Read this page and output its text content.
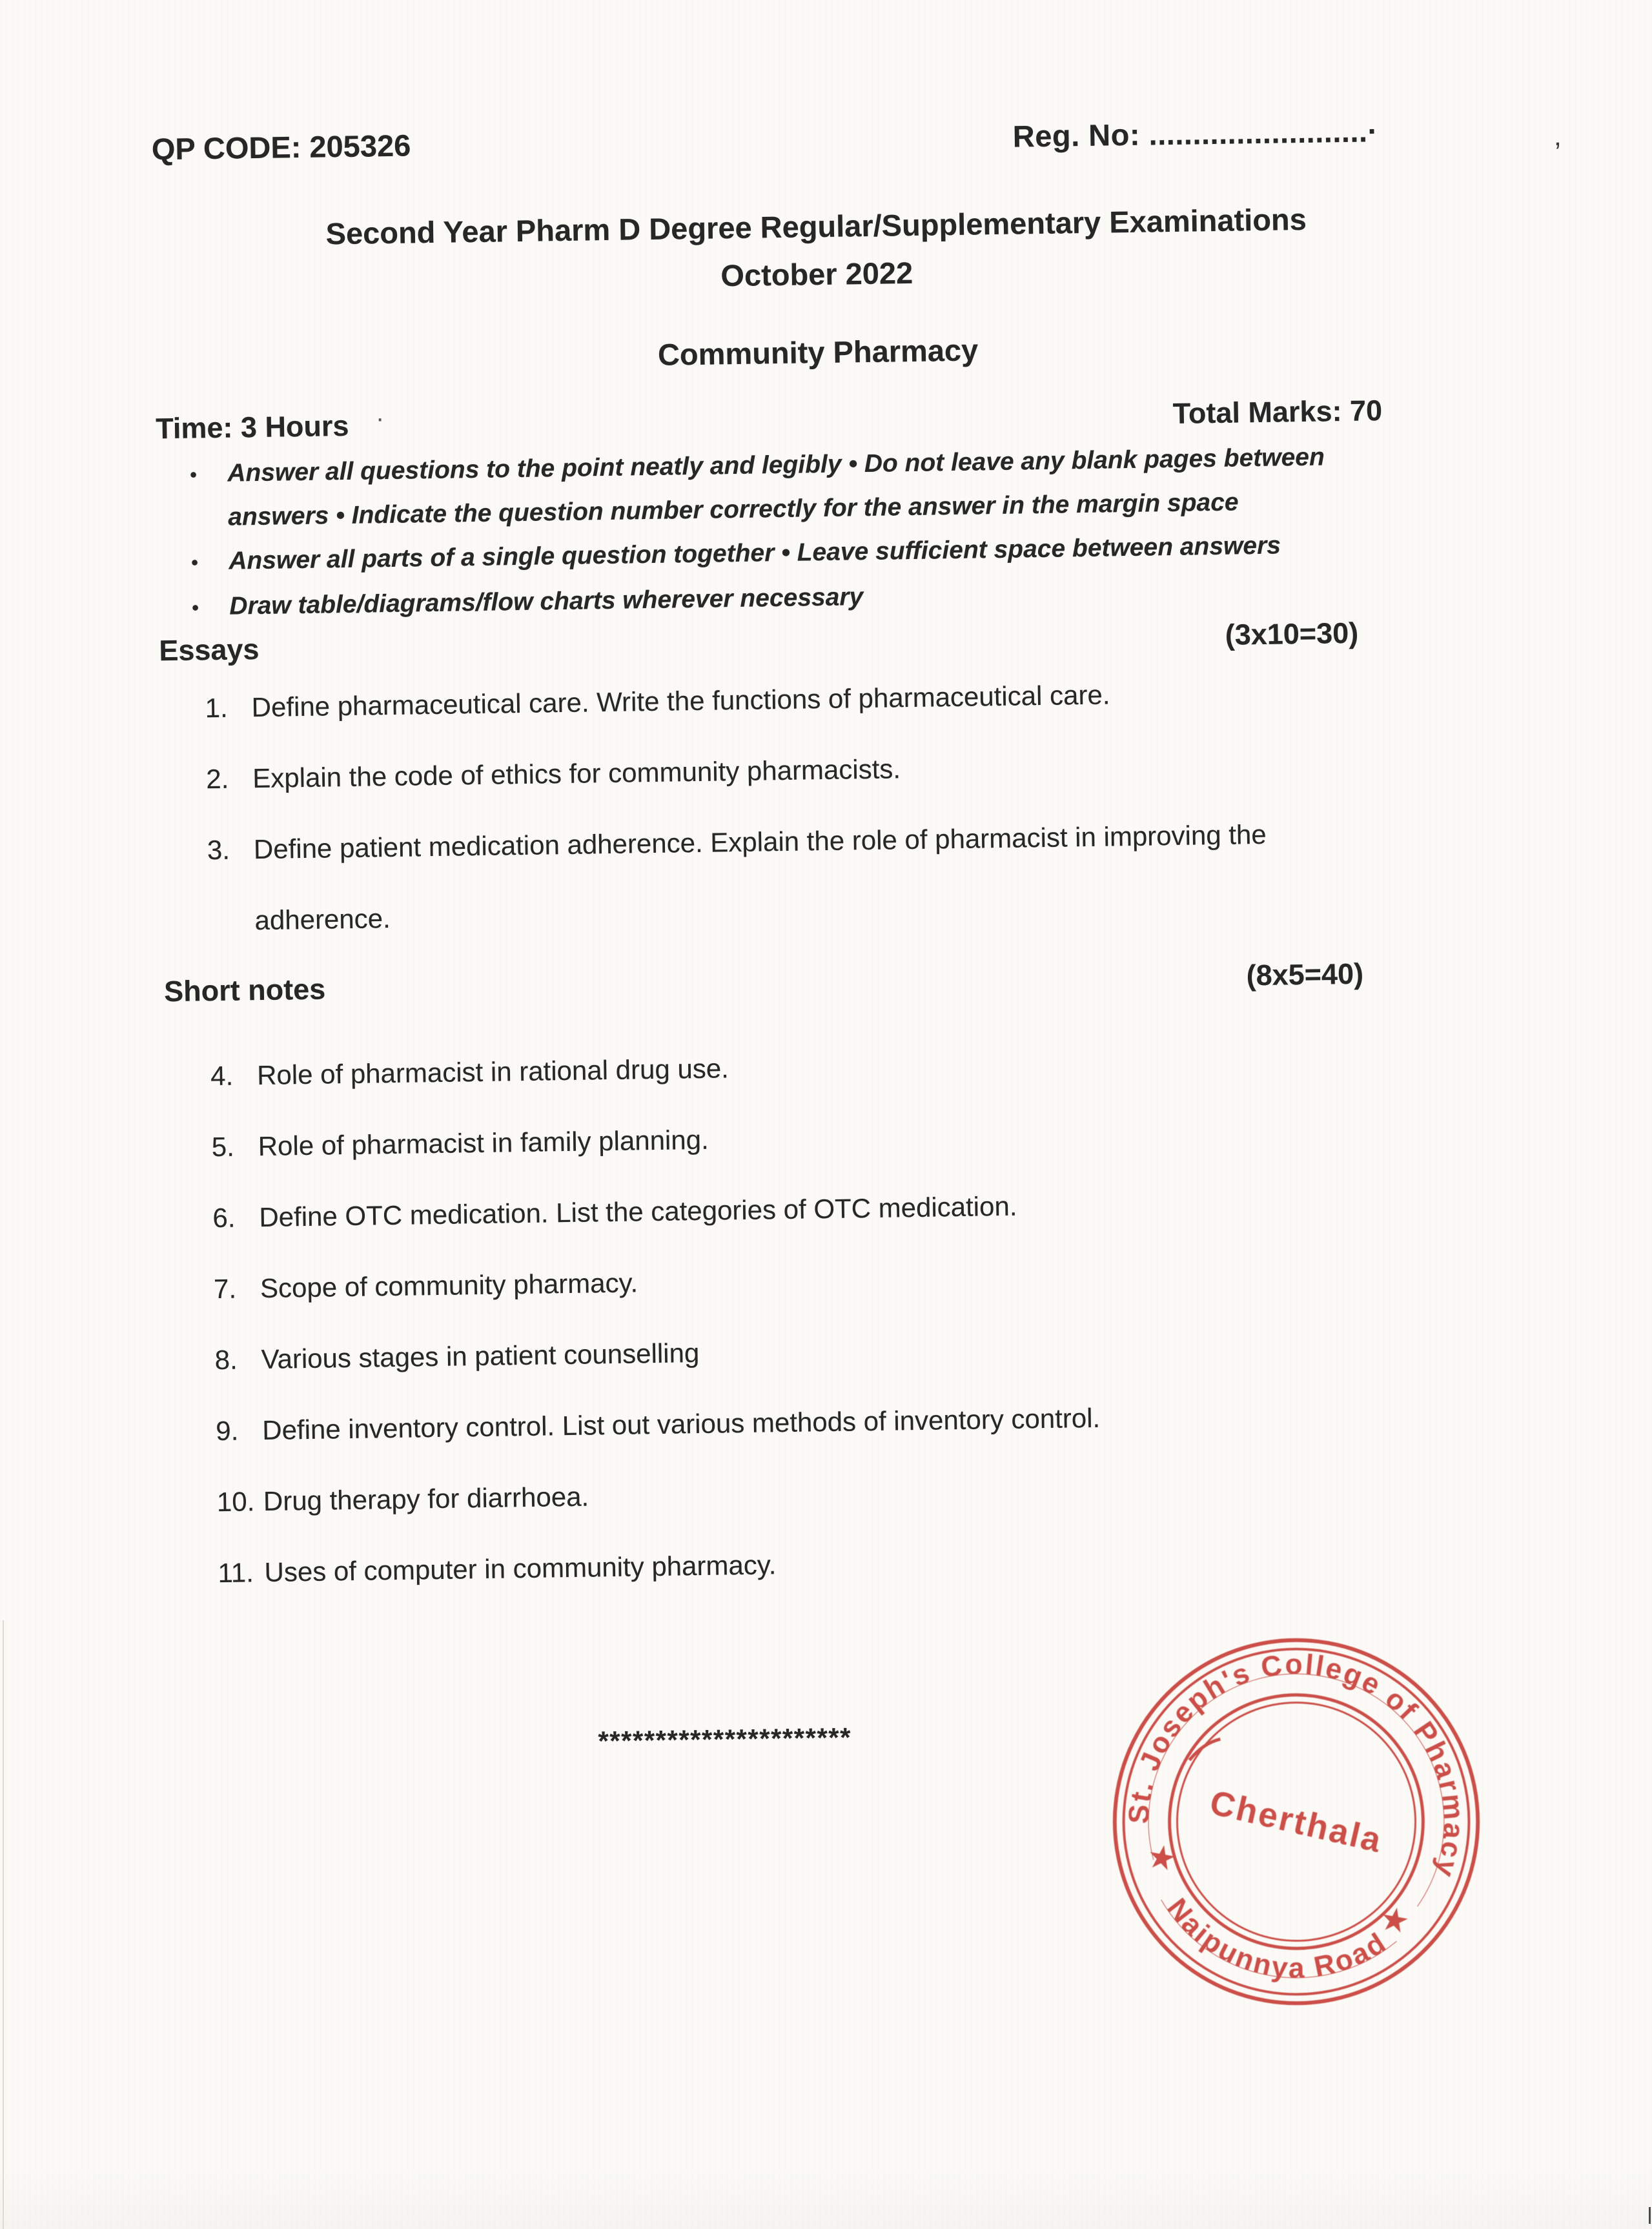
QP CODE: 205326	Reg. No: .........................·
Second Year Pharm D Degree Regular/Supplementary Examinations
October 2022
Community Pharmacy
Time: 3 Hours	Total Marks: 70
•	Answer all questions to the point neatly and legibly • Do not leave any blank pages between answers • Indicate the question number correctly for the answer in the margin space
•	Answer all parts of a single question together • Leave sufficient space between answers
•	Draw table/diagrams/flow charts wherever necessary
Essays	(3x10=30)
1. Define pharmaceutical care. Write the functions of pharmaceutical care.
2. Explain the code of ethics for community pharmacists.
3. Define patient medication adherence. Explain the role of pharmacist in improving the adherence.
Short notes	(8x5=40)
4. Role of pharmacist in rational drug use.
5. Role of pharmacist in family planning.
6. Define OTC medication. List the categories of OTC medication.
7. Scope of community pharmacy.
8. Various stages in patient counselling
9. Define inventory control. List out various methods of inventory control.
10. Drug therapy for diarrhoea.
11. Uses of computer in community pharmacy.
**********************
St. Joseph's College of Pharmacy
Naipunnya Road
Cherthala
★
★
’
·
